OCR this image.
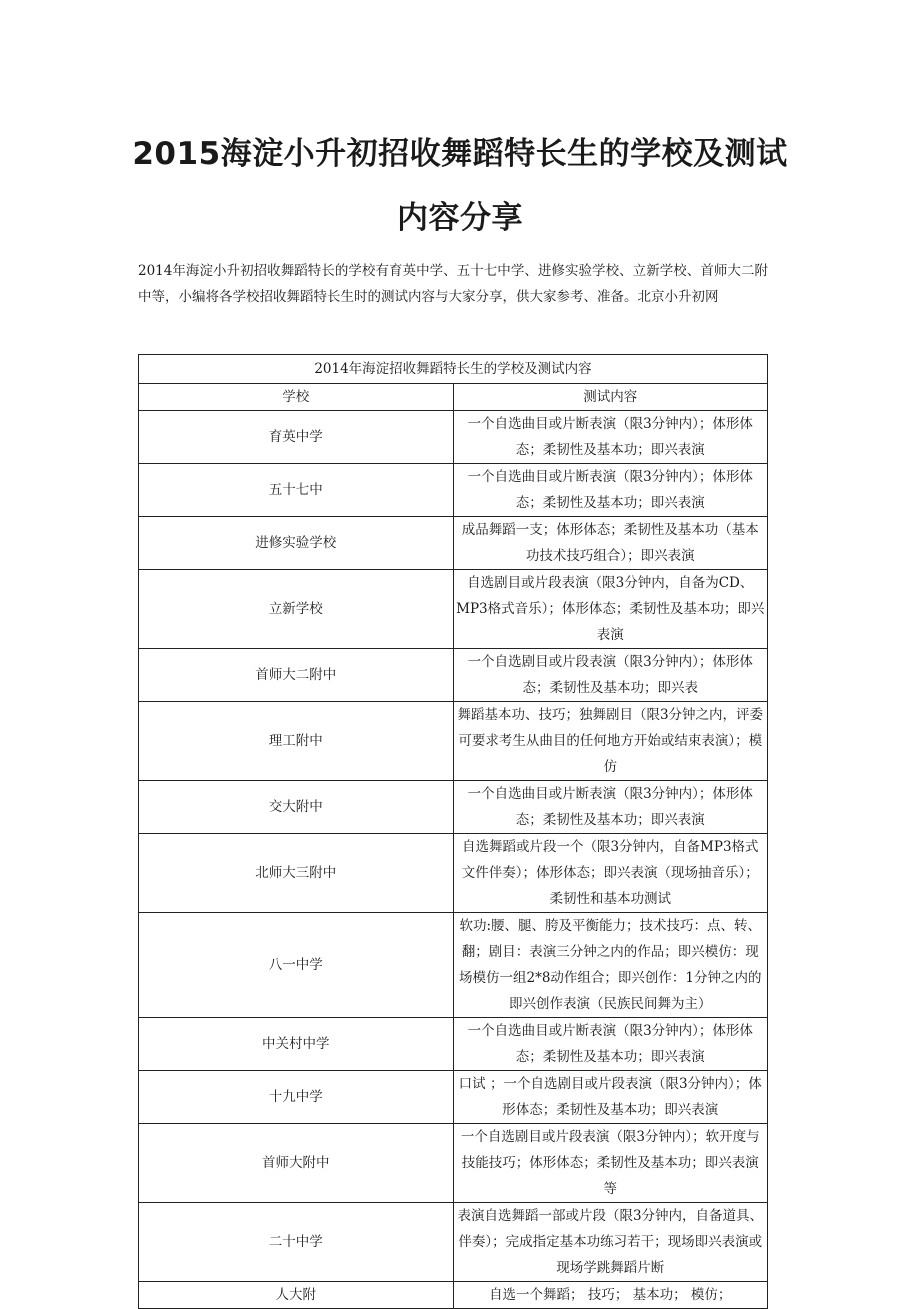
2015海淀小升初招收舞蹈特长生的学校及测试内容分享

2014年海淀小升初招收舞蹈特长的学校有育英中学、五十七中学、进修实验学校、立新学校、首师大二附中等，小编将各学校招收舞蹈特长生时的测试内容与大家分享，供大家参考、准备。北京小升初网

2014年海淀招收舞蹈特长生的学校及测试内容	
学校	测试内容
育英中学	一个自选曲目或片断表演（限3分钟内）；体形体态；柔韧性及基本功；即兴表演
五十七中	一个自选曲目或片断表演（限3分钟内）；体形体态；柔韧性及基本功；即兴表演
进修实验学校	成品舞蹈一支；体形体态；柔韧性及基本功（基本功技术技巧组合）；即兴表演
立新学校	自选剧目或片段表演（限3分钟内，自备为CD、MP3格式音乐）；体形体态；柔韧性及基本功；即兴表演
首师大二附中	一个自选剧目或片段表演（限3分钟内）；体形体态；柔韧性及基本功；即兴表
理工附中	舞蹈基本功、技巧；独舞剧目（限3分钟之内，评委可要求考生从曲目的任何地方开始或结束表演）；模仿
交大附中	一个自选曲目或片断表演（限3分钟内）；体形体态；柔韧性及基本功；即兴表演
北师大三附中	自选舞蹈或片段一个（限3分钟内，自备MP3格式文件伴奏）；体形体态；即兴表演（现场抽音乐）；柔韧性和基本功测试
八一中学	软功:腰、腿、胯及平衡能力；技术技巧：点、转、翻；剧目：表演三分钟之内的作品；即兴模仿：现场模仿一组2*8动作组合；即兴创作：1分钟之内的即兴创作表演（民族民间舞为主）
中关村中学	一个自选曲目或片断表演（限3分钟内）；体形体态；柔韧性及基本功；即兴表演
十九中学	口试 ；一个自选剧目或片段表演（限3分钟内）；体形体态；柔韧性及基本功；即兴表演
首师大附中	一个自选剧目或片段表演（限3分钟内）；软开度与技能技巧；体形体态；柔韧性及基本功；即兴表演等
二十中学	表演自选舞蹈一部或片段（限3分钟内，自备道具、伴奏）；完成指定基本功练习若干；现场即兴表演或现场学跳舞蹈片断
人大附	自选一个舞蹈； 技巧； 基本功； 模仿；
